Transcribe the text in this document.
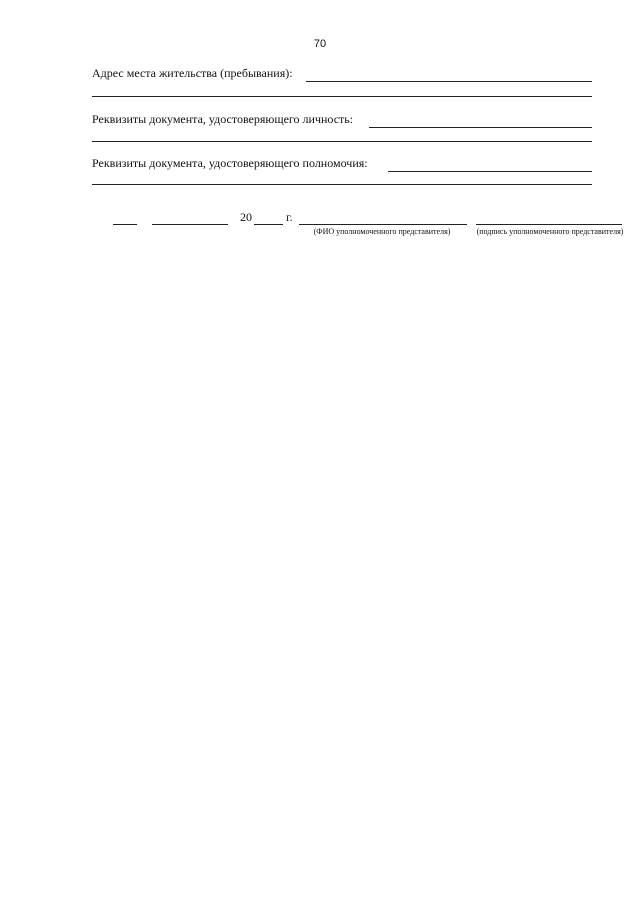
70
Адрес места жительства (пребывания):
Реквизиты документа, удостоверяющего личность:
Реквизиты документа, удостоверяющего полномочия:
20	г.
(ФИО уполномоченного представителя)	(подпись уполномоченного представителя)
